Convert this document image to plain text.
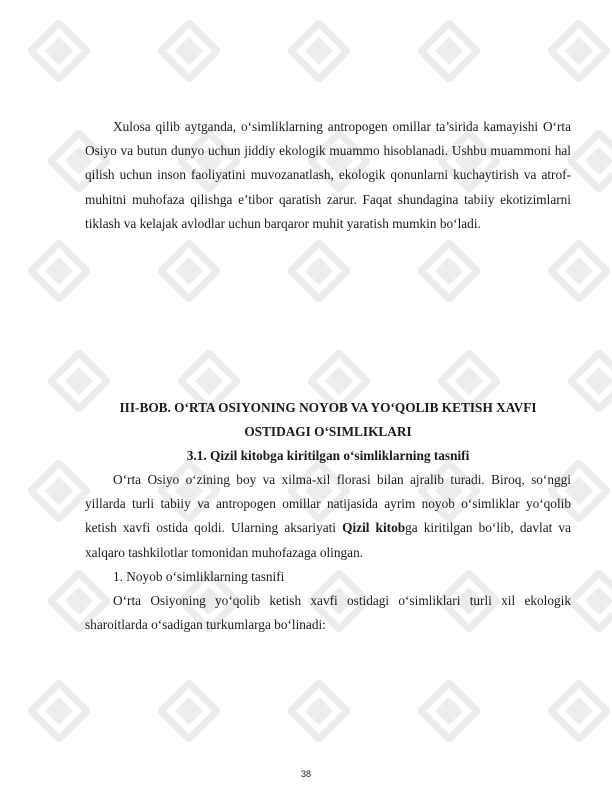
Xulosa qilib aytganda, o‘simliklarning antropogen omillar ta’sirida kamayishi O‘rta Osiyo va butun dunyo uchun jiddiy ekologik muammo hisoblanadi. Ushbu muammoni hal qilish uchun inson faoliyatini muvozanatlash, ekologik qonunlarni kuchaytirish va atrof-muhitni muhofaza qilishga e’tibor qaratish zarur. Faqat shundagina tabiiy ekotizimlarni tiklash va kelajak avlodlar uchun barqaror muhit yaratish mumkin bo‘ladi.

III-BOB. O‘RTA OSIYONING NOYOB VA YO‘QOLIB KETISH XAVFI

OSTIDAGI O‘SIMLIKLARI

3.1. Qizil kitobga kiritilgan o‘simliklarning tasnifi

O‘rta Osiyo o‘zining boy va xilma-xil florasi bilan ajralib turadi. Biroq, so‘nggi yillarda turli tabiiy va antropogen omillar natijasida ayrim noyob o‘simliklar yo‘qolib ketish xavfi ostida qoldi. Ularning aksariyati Qizil kitobga kiritilgan bo‘lib, davlat va xalqaro tashkilotlar tomonidan muhofazaga olingan.

1. Noyob o‘simliklarning tasnifi

O‘rta Osiyoning yo‘qolib ketish xavfi ostidagi o‘simliklari turli xil ekologik sharoitlarda o‘sadigan turkumlarga bo‘linadi:

38
